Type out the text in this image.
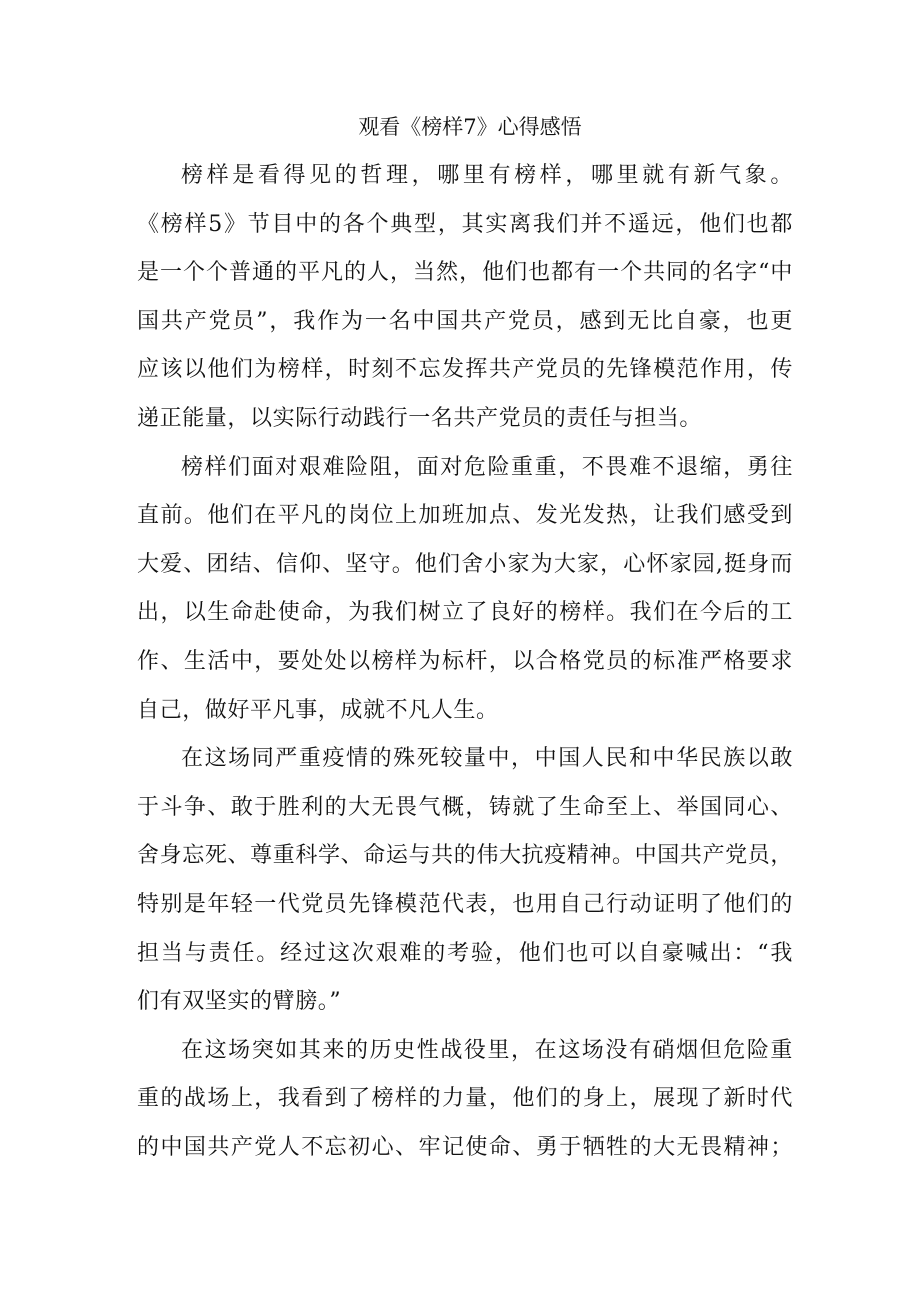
观看《榜样7》心得感悟

榜样是看得见的哲理，哪里有榜样，哪里就有新气象。
《榜样5》节目中的各个典型，其实离我们并不遥远，他们也都
是一个个普通的平凡的人，当然，他们也都有一个共同的名字“中
国共产党员”，我作为一名中国共产党员，感到无比自豪，也更
应该以他们为榜样，时刻不忘发挥共产党员的先锋模范作用，传
递正能量，以实际行动践行一名共产党员的责任与担当。

榜样们面对艰难险阻，面对危险重重，不畏难不退缩，勇往
直前。他们在平凡的岗位上加班加点、发光发热，让我们感受到
大爱、团结、信仰、坚守。他们舍小家为大家，心怀家园,挺身而
出，以生命赴使命，为我们树立了良好的榜样。我们在今后的工
作、生活中，要处处以榜样为标杆，以合格党员的标准严格要求
自己，做好平凡事，成就不凡人生。

在这场同严重疫情的殊死较量中，中国人民和中华民族以敢
于斗争、敢于胜利的大无畏气概，铸就了生命至上、举国同心、
舍身忘死、尊重科学、命运与共的伟大抗疫精神。中国共产党员，
特别是年轻一代党员先锋模范代表，也用自己行动证明了他们的
担当与责任。经过这次艰难的考验，他们也可以自豪喊出：“我
们有双坚实的臂膀。”

在这场突如其来的历史性战役里，在这场没有硝烟但危险重
重的战场上，我看到了榜样的力量，他们的身上，展现了新时代
的中国共产党人不忘初心、牢记使命、勇于牺牲的大无畏精神；
